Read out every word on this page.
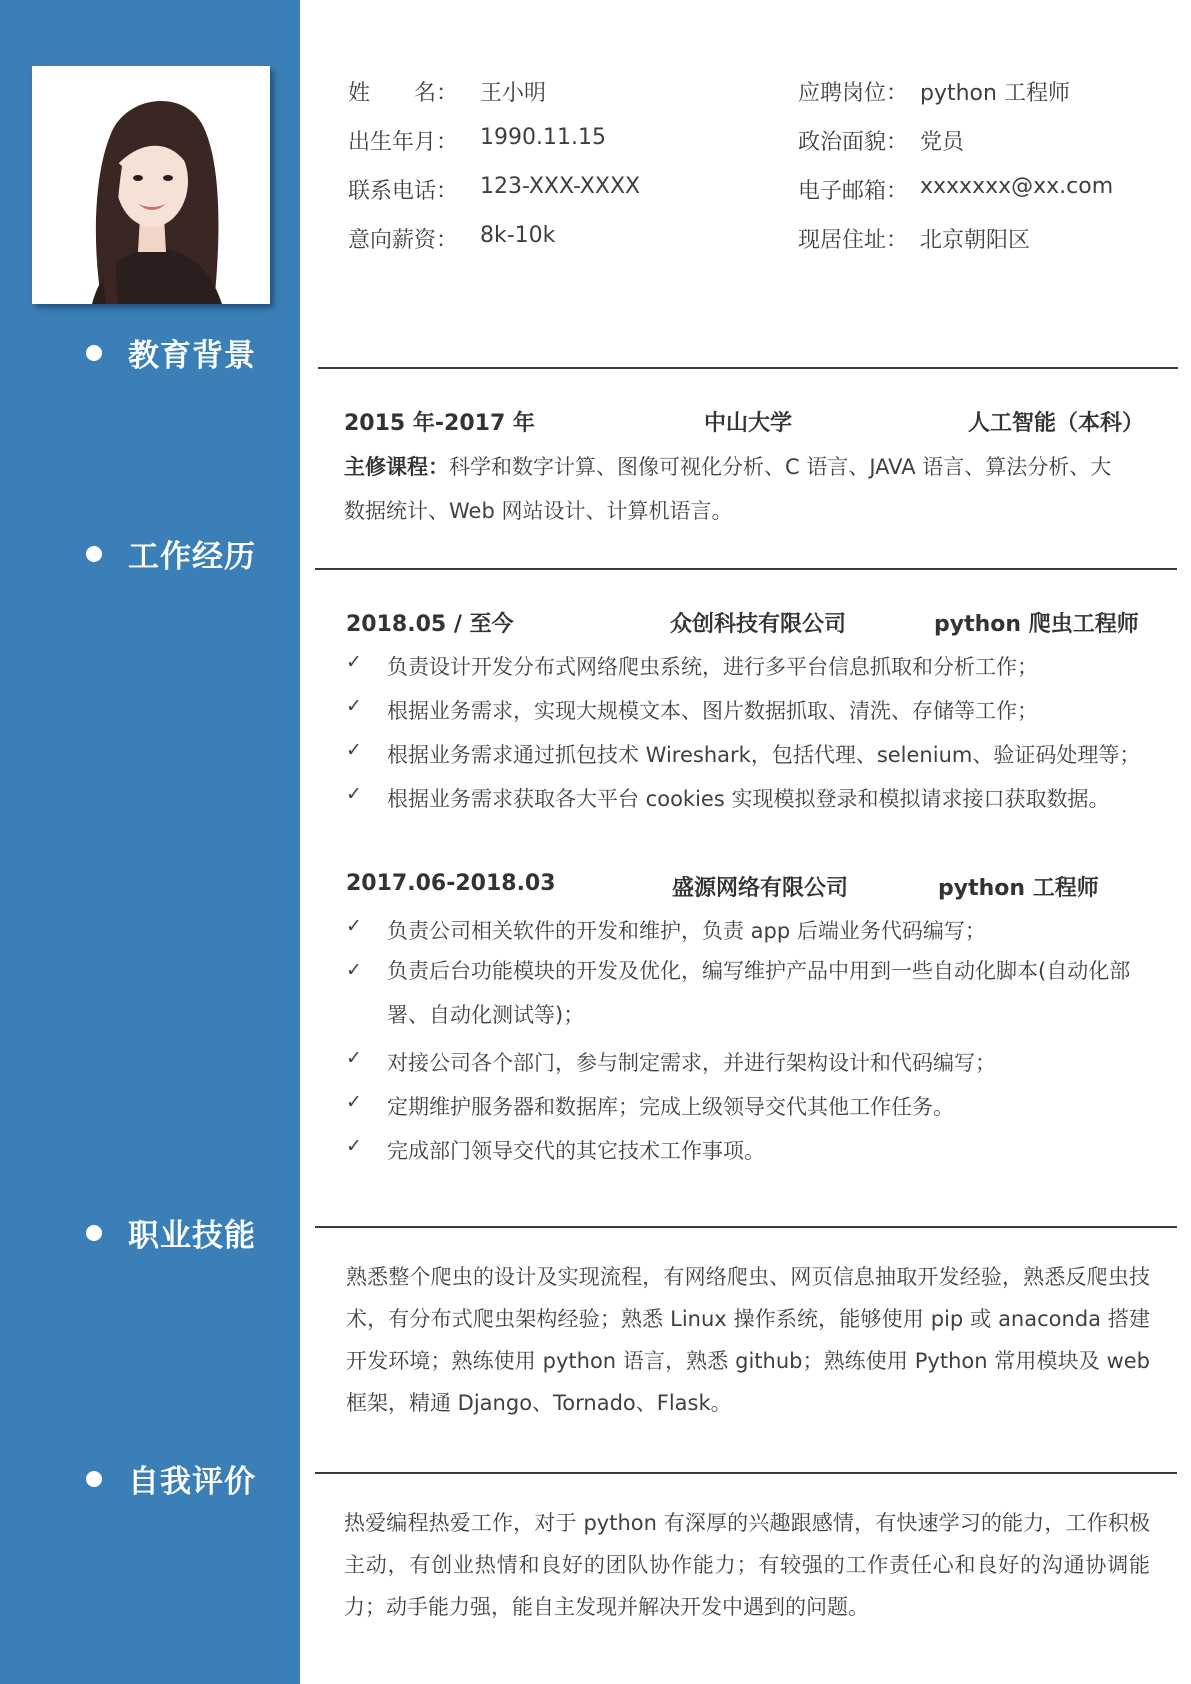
教育背景
工作经历
职业技能
自我评价
姓　　名： 王小明
出生年月： 1990.11.15
联系电话： 123-XXX-XXXX
意向薪资： 8k-10k
应聘岗位： python 工程师
政治面貌： 党员
电子邮箱： xxxxxxx@xx.com
现居住址： 北京朝阳区
2015 年-2017 年	中山大学	人工智能（本科）
主修课程：科学和数字计算、图像可视化分析、C 语言、JAVA 语言、算法分析、大
数据统计、Web 网站设计、计算机语言。
2018.05 / 至今	众创科技有限公司	python 爬虫工程师
✓ 负责设计开发分布式网络爬虫系统，进行多平台信息抓取和分析工作；
✓ 根据业务需求，实现大规模文本、图片数据抓取、清洗、存储等工作；
✓ 根据业务需求通过抓包技术 Wireshark，包括代理、selenium、验证码处理等；
✓ 根据业务需求获取各大平台 cookies 实现模拟登录和模拟请求接口获取数据。
2017.06-2018.03	盛源网络有限公司	python 工程师
✓ 负责公司相关软件的开发和维护，负责 app 后端业务代码编写；
✓ 负责后台功能模块的开发及优化，编写维护产品中用到一些自动化脚本(自动化部署、自动化测试等)；
✓ 对接公司各个部门，参与制定需求，并进行架构设计和代码编写；
✓ 定期维护服务器和数据库；完成上级领导交代其他工作任务。
✓ 完成部门领导交代的其它技术工作事项。
熟悉整个爬虫的设计及实现流程，有网络爬虫、网页信息抽取开发经验，熟悉反爬虫技术，有分布式爬虫架构经验；熟悉 Linux 操作系统，能够使用 pip 或 anaconda 搭建开发环境；熟练使用 python 语言，熟悉 github；熟练使用 Python 常用模块及 web 框架，精通 Django、Tornado、Flask。
热爱编程热爱工作，对于 python 有深厚的兴趣跟感情，有快速学习的能力，工作积极主动，有创业热情和良好的团队协作能力；有较强的工作责任心和良好的沟通协调能力；动手能力强，能自主发现并解决开发中遇到的问题。
